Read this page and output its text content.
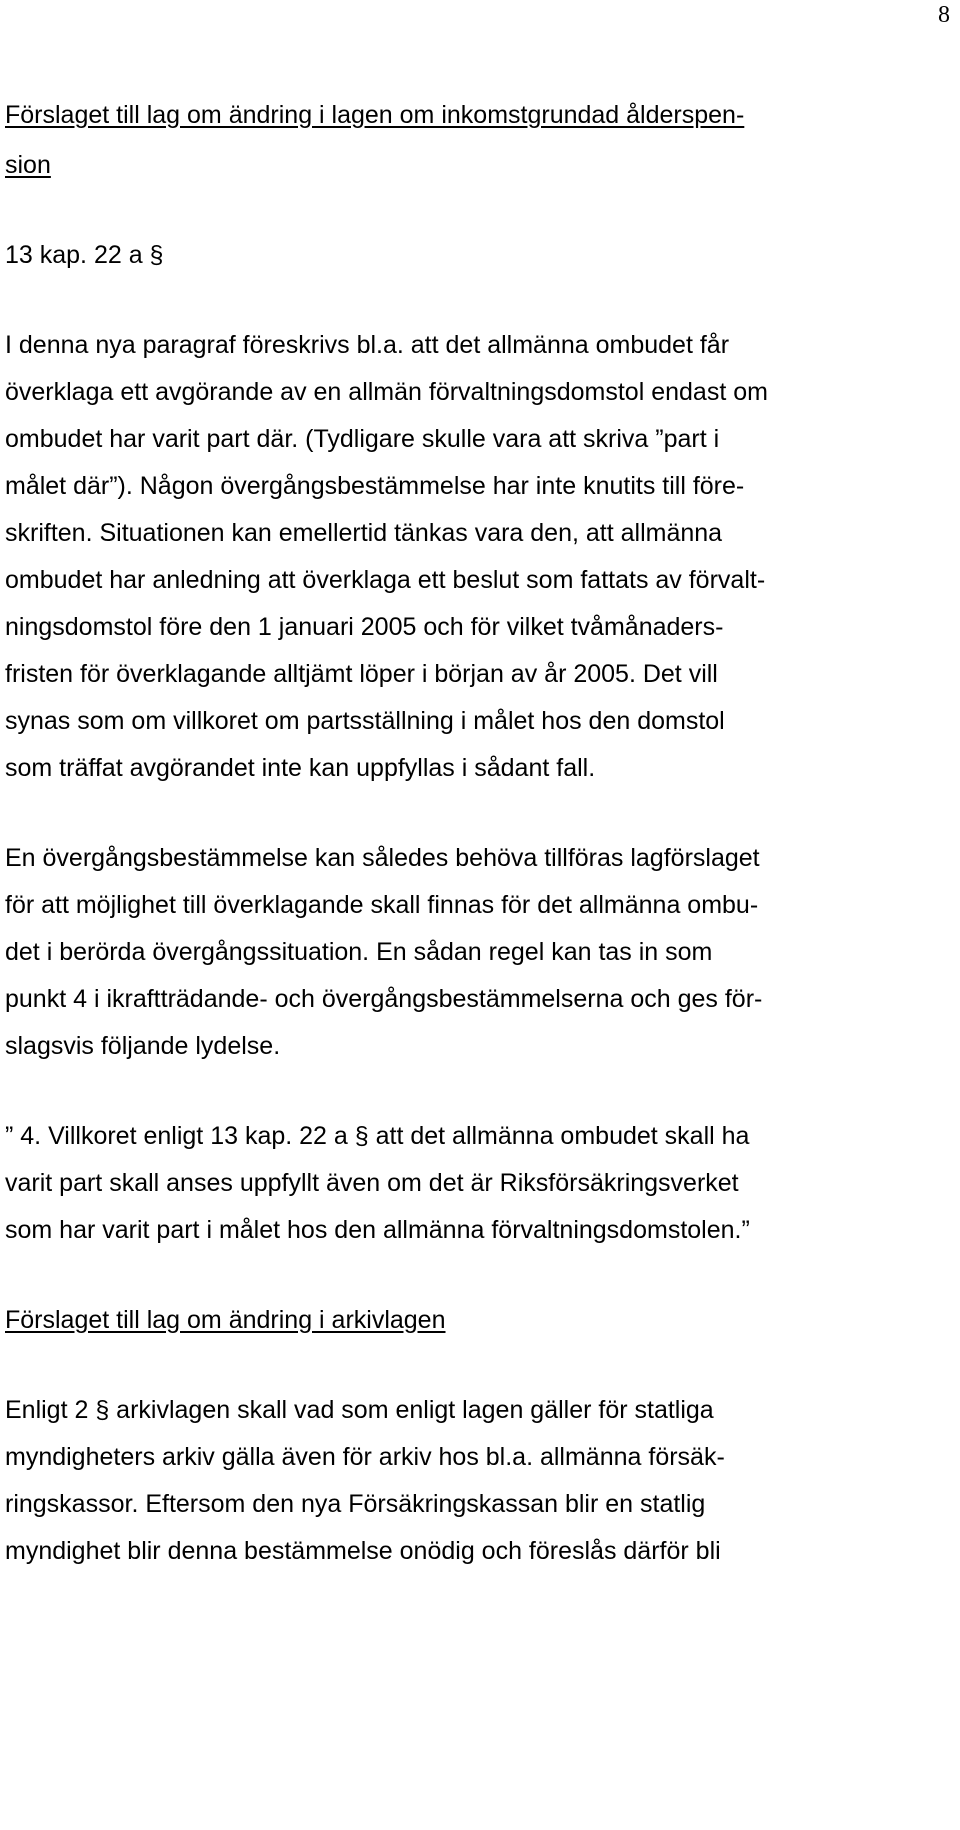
8
Förslaget till lag om ändring i lagen om inkomstgrundad ålderspen-
sion
13 kap. 22 a §
I denna nya paragraf föreskrivs bl.a. att det allmänna ombudet får
överklaga ett avgörande av en allmän förvaltningsdomstol endast om
ombudet har varit part där. (Tydligare skulle vara att skriva ”part i
målet där”). Någon övergångsbestämmelse har inte knutits till före-
skriften. Situationen kan emellertid tänkas vara den, att allmänna
ombudet har anledning att överklaga ett beslut som fattats av förvalt-
ningsdomstol före den 1 januari 2005 och för vilket tvåmånaders-
fristen för överklagande alltjämt löper i början av år 2005. Det vill
synas som om villkoret om partsställning i målet hos den domstol
som träffat avgörandet inte kan uppfyllas i sådant fall.
En övergångsbestämmelse kan således behöva tillföras lagförslaget
för att möjlighet till överklagande skall finnas för det allmänna ombu-
det i berörda övergångssituation. En sådan regel kan tas in som
punkt 4 i ikraftträdande- och övergångsbestämmelserna och ges för-
slagsvis följande lydelse.
” 4. Villkoret enligt 13 kap. 22 a § att det allmänna ombudet skall ha
varit part skall anses uppfyllt även om det är Riksförsäkringsverket
som har varit part i målet hos den allmänna förvaltningsdomstolen.”
Förslaget till lag om ändring i arkivlagen
Enligt 2 § arkivlagen skall vad som enligt lagen gäller för statliga
myndigheters arkiv gälla även för arkiv hos bl.a. allmänna försäk-
ringskassor. Eftersom den nya Försäkringskassan blir en statlig
myndighet blir denna bestämmelse onödig och föreslås därför bli
